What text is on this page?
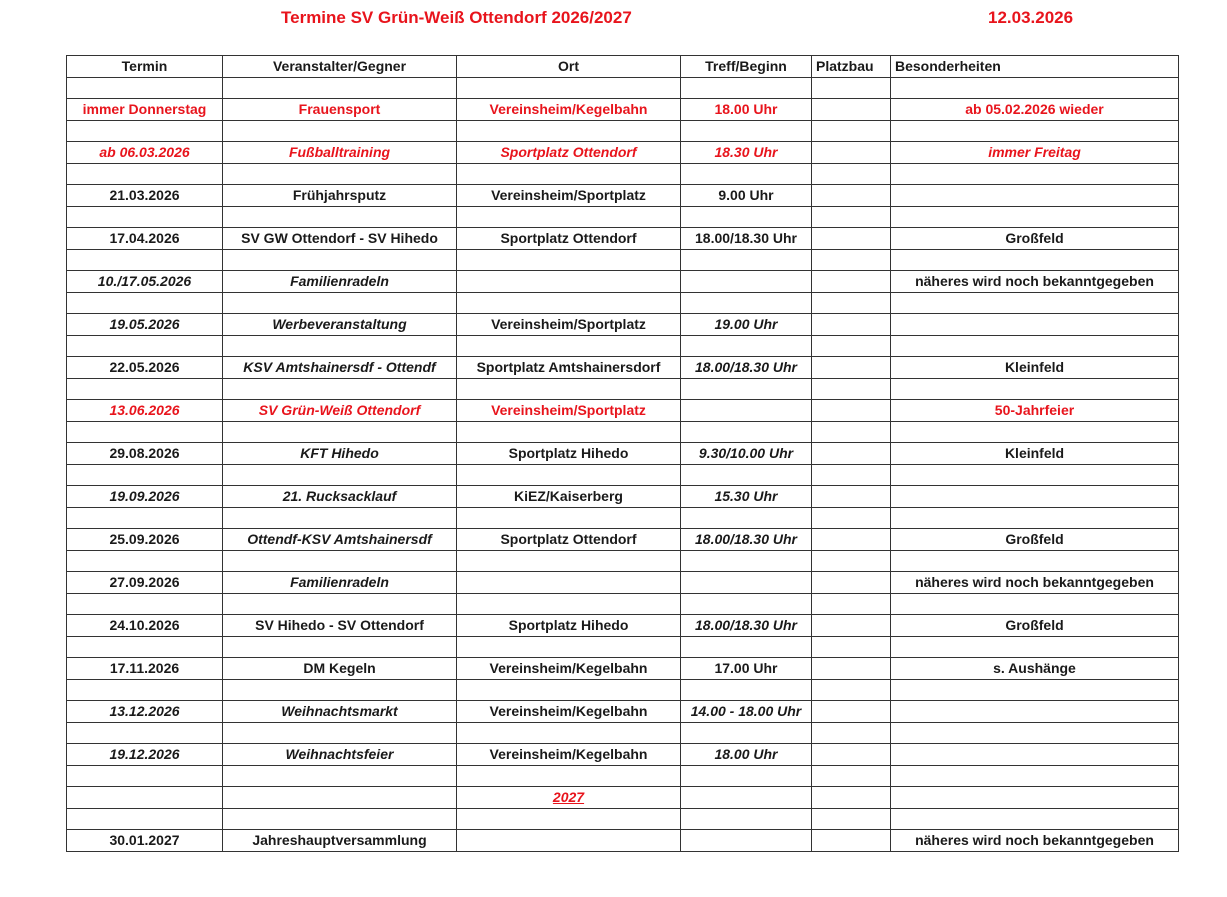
Termine SV Grün-Weiß Ottendorf 2026/2027	12.03.2026
Termin	Veranstalter/Gegner	Ort	Treff/Beginn	Platzbau	Besonderheiten

immer Donnerstag	Frauensport	Vereinsheim/Kegelbahn	18.00 Uhr		ab 05.02.2026 wieder

ab 06.03.2026	Fußballtraining	Sportplatz Ottendorf	18.30 Uhr		immer Freitag

21.03.2026	Frühjahrsputz	Vereinsheim/Sportplatz	9.00 Uhr		

17.04.2026	SV GW Ottendorf - SV Hihedo	Sportplatz Ottendorf	18.00/18.30 Uhr		Großfeld

10./17.05.2026	Familienradeln				näheres wird noch bekanntgegeben

19.05.2026	Werbeveranstaltung	Vereinsheim/Sportplatz	19.00 Uhr		

22.05.2026	KSV Amtshainersdf - Ottendf	Sportplatz Amtshainersdorf	18.00/18.30 Uhr		Kleinfeld

13.06.2026	SV Grün-Weiß Ottendorf	Vereinsheim/Sportplatz			50-Jahrfeier

29.08.2026	KFT Hihedo	Sportplatz Hihedo	9.30/10.00 Uhr		Kleinfeld

19.09.2026	21. Rucksacklauf	KiEZ/Kaiserberg	15.30 Uhr		

25.09.2026	Ottendf-KSV Amtshainersdf	Sportplatz Ottendorf	18.00/18.30 Uhr		Großfeld

27.09.2026	Familienradeln				näheres wird noch bekanntgegeben

24.10.2026	SV Hihedo - SV Ottendorf	Sportplatz Hihedo	18.00/18.30 Uhr		Großfeld

17.11.2026	DM Kegeln	Vereinsheim/Kegelbahn	17.00 Uhr		s. Aushänge

13.12.2026	Weihnachtsmarkt	Vereinsheim/Kegelbahn	14.00 - 18.00 Uhr		

19.12.2026	Weihnachtsfeier	Vereinsheim/Kegelbahn	18.00 Uhr		

		2027			

30.01.2027	Jahreshauptversammlung				näheres wird noch bekanntgegeben
